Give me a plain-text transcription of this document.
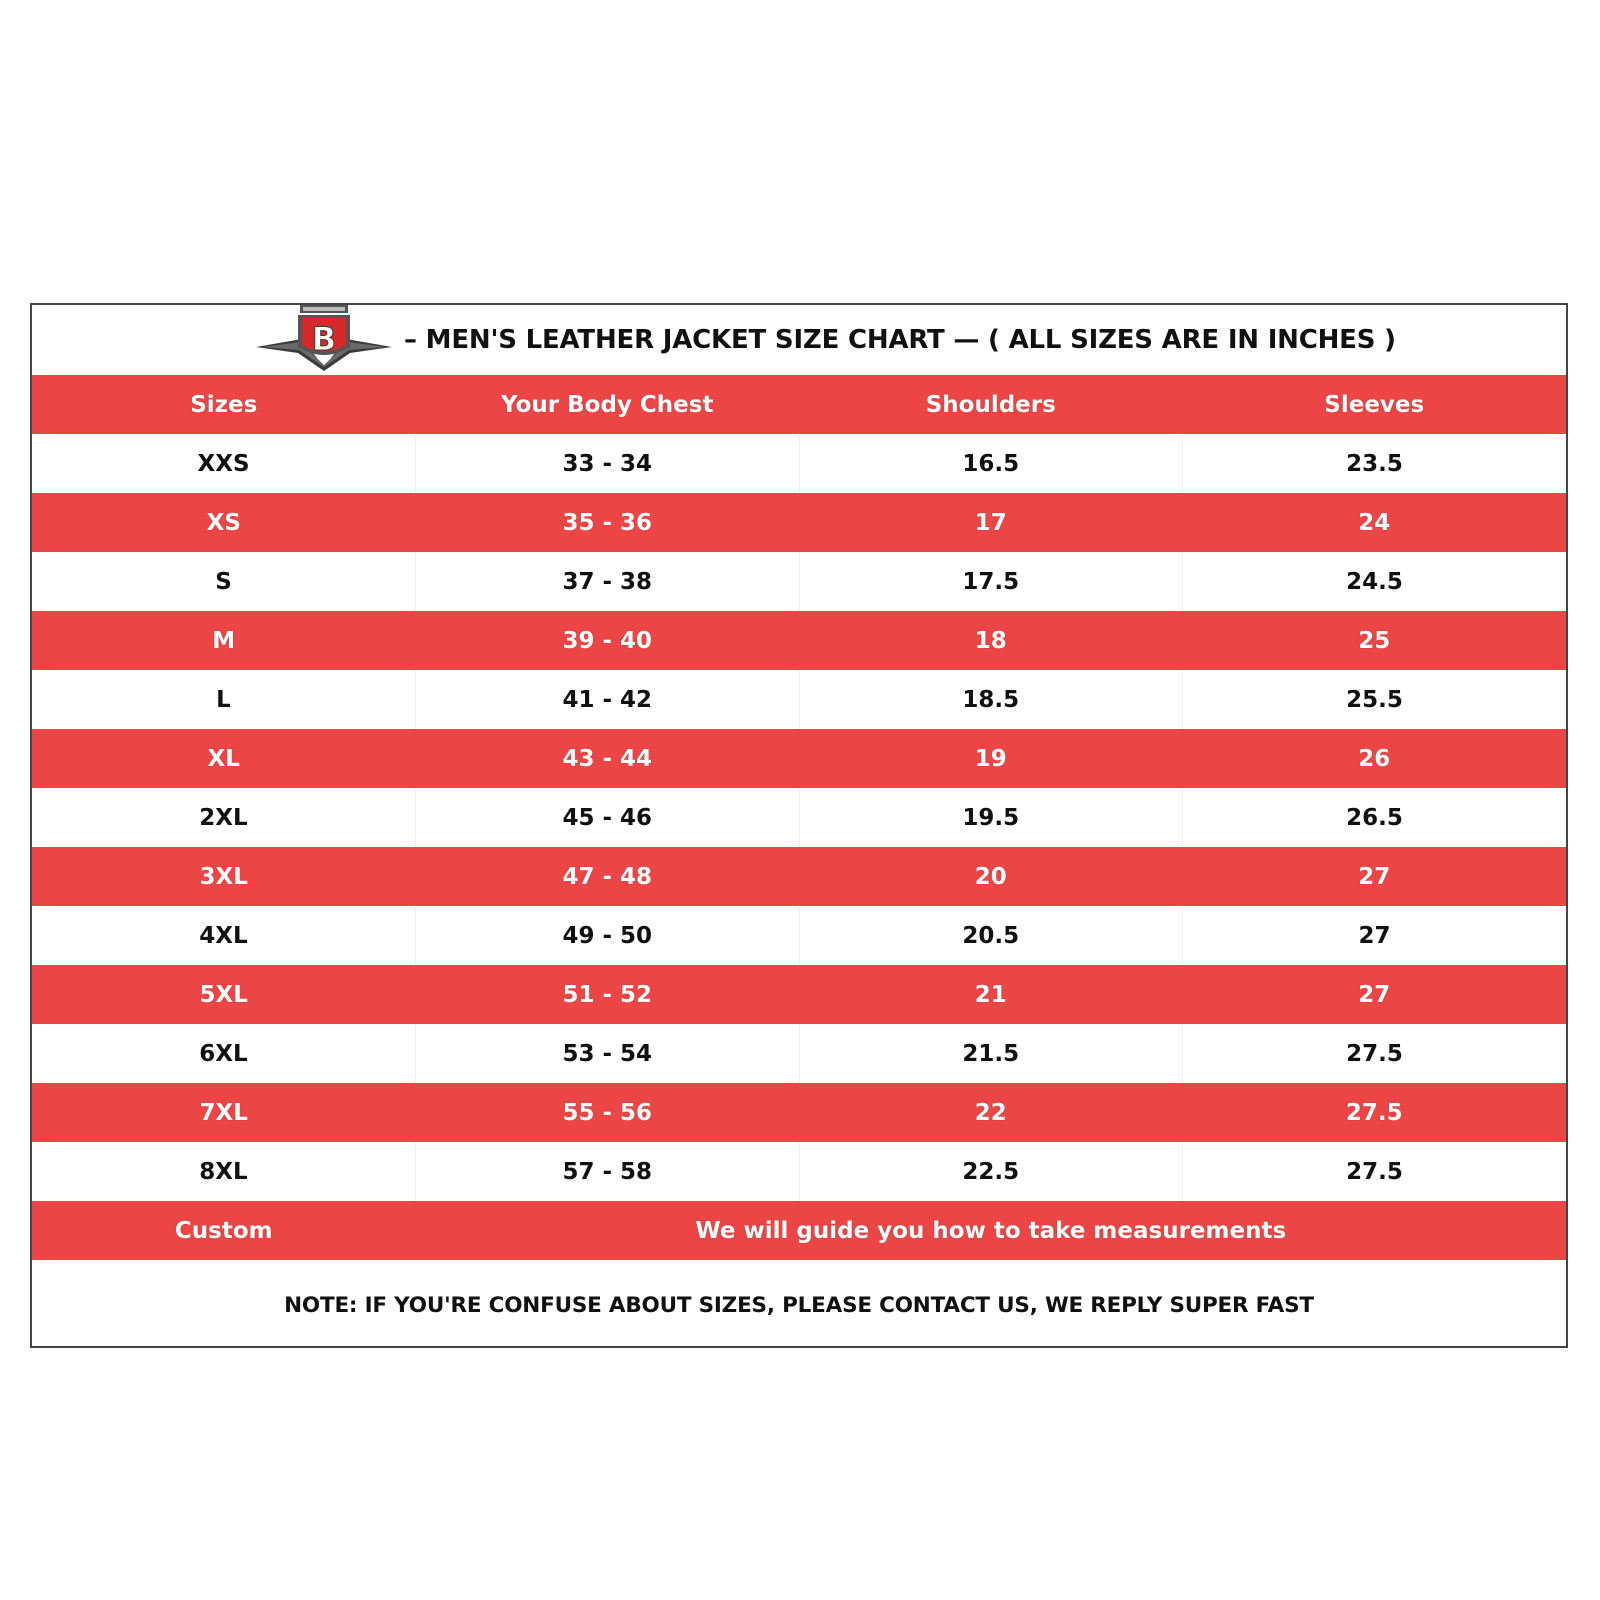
B	– MEN'S LEATHER JACKET SIZE CHART — ( ALL SIZES ARE IN INCHES )
Sizes	Your Body Chest	Shoulders	Sleeves
XXS	33 - 34	16.5	23.5
XS	35 - 36	17	24
S	37 - 38	17.5	24.5
M	39 - 40	18	25
L	41 - 42	18.5	25.5
XL	43 - 44	19	26
2XL	45 - 46	19.5	26.5
3XL	47 - 48	20	27
4XL	49 - 50	20.5	27
5XL	51 - 52	21	27
6XL	53 - 54	21.5	27.5
7XL	55 - 56	22	27.5
8XL	57 - 58	22.5	27.5
Custom	We will guide you how to take measurements		
NOTE: IF YOU'RE CONFUSE ABOUT SIZES, PLEASE CONTACT US, WE REPLY SUPER FAST
